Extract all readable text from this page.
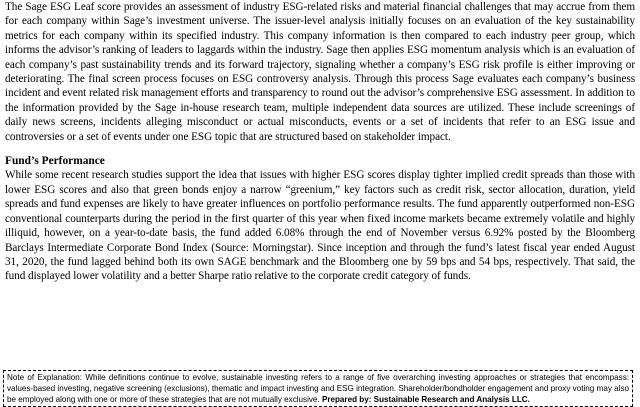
The Sage ESG Leaf score provides an assessment of industry ESG-related risks and material financial challenges that may accrue from them for each company within Sage’s investment universe. The issuer-level analysis initially focuses on an evaluation of the key sustainability metrics for each company within its specified industry. This company information is then compared to each industry peer group, which informs the advisor’s ranking of leaders to laggards within the industry. Sage then applies ESG momentum analysis which is an evaluation of each company’s past sustainability trends and its forward trajectory, signaling whether a company’s ESG risk profile is either improving or deteriorating. The final screen process focuses on ESG controversy analysis. Through this process Sage evaluates each company’s business incident and event related risk management efforts and transparency to round out the advisor’s comprehensive ESG assessment. In addition to the information provided by the Sage in-house research team, multiple independent data sources are utilized. These include screenings of daily news screens, incidents alleging misconduct or actual misconducts, events or a set of incidents that refer to an ESG issue and controversies or a set of events under one ESG topic that are structured based on stakeholder impact.

Fund’s Performance

While some recent research studies support the idea that issues with higher ESG scores display tighter implied credit spreads than those with lower ESG scores and also that green bonds enjoy a narrow “greenium,” key factors such as credit risk, sector allocation, duration, yield spreads and fund expenses are likely to have greater influences on portfolio performance results. The fund apparently outperformed non-ESG conventional counterparts during the period in the first quarter of this year when fixed income markets became extremely volatile and highly illiquid, however, on a year-to-date basis, the fund added 6.08% through the end of November versus 6.92% posted by the Bloomberg Barclays Intermediate Corporate Bond Index (Source: Morningstar). Since inception and through the fund’s latest fiscal year ended August 31, 2020, the fund lagged behind both its own SAGE benchmark and the Bloomberg one by 59 bps and 54 bps, respectively. That said, the fund displayed lower volatility and a better Sharpe ratio relative to the corporate credit category of funds.

Note of Explanation: While definitions continue to evolve, sustainable investing refers to a range of five overarching investing approaches or strategies that encompass: values-based investing, negative screening (exclusions), thematic and impact investing and ESG integration. Shareholder/bondholder engagement and proxy voting may also be employed along with one or more of these strategies that are not mutually exclusive. Prepared by: Sustainable Research and Analysis LLC.
